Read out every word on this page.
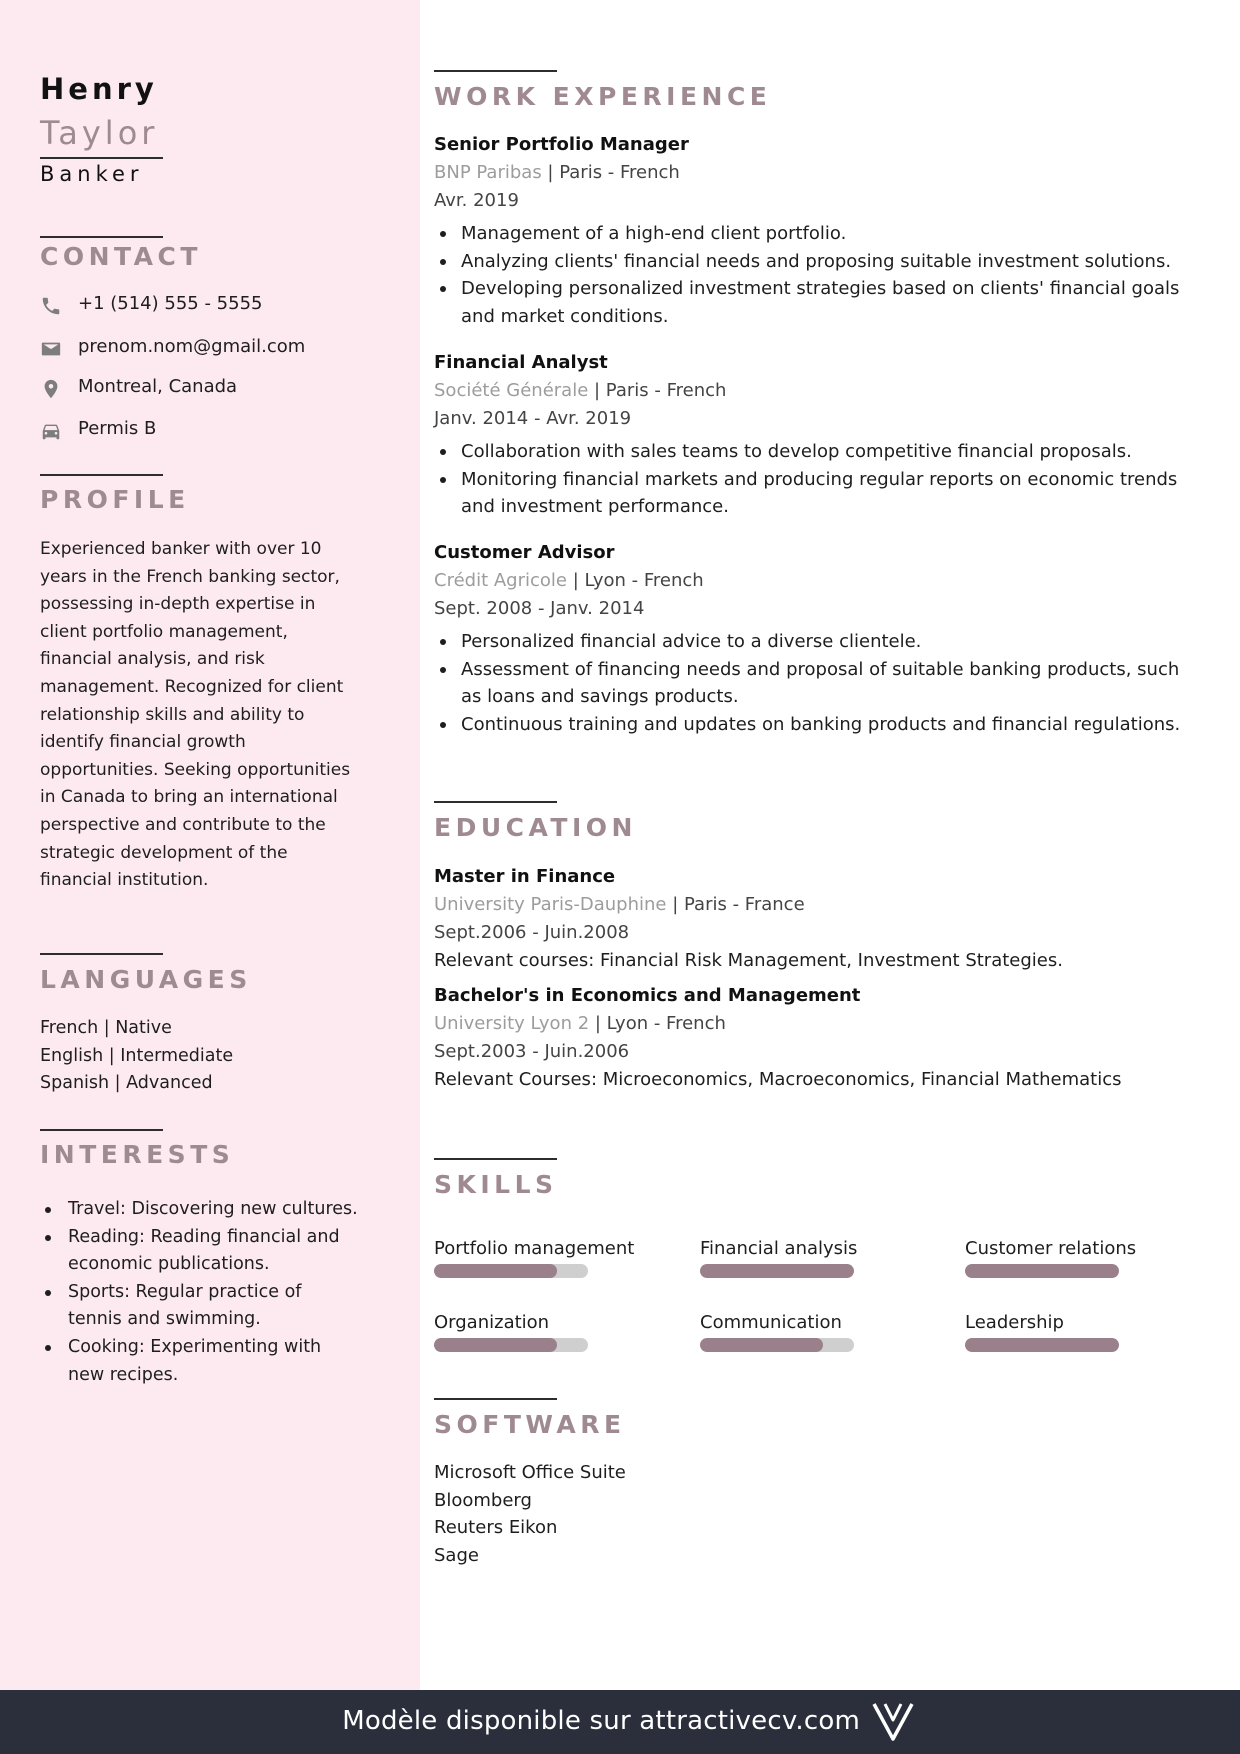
Henry
Taylor
Banker
CONTACT
+1 (514) 555 - 5555
prenom.nom@gmail.com
Montreal, Canada
Permis B
PROFILE
Experienced banker with over 10 years in the French banking sector, possessing in-depth expertise in client portfolio management, financial analysis, and risk management. Recognized for client relationship skills and ability to identify financial growth opportunities. Seeking opportunities in Canada to bring an international perspective and contribute to the strategic development of the financial institution.
LANGUAGES
French | Native
English | Intermediate
Spanish | Advanced
INTERESTS
Travel: Discovering new cultures.
Reading: Reading financial and economic publications.
Sports: Regular practice of tennis and swimming.
Cooking: Experimenting with new recipes.
WORK EXPERIENCE
Senior Portfolio Manager
BNP Paribas | Paris - French
Avr. 2019
Management of a high-end client portfolio.
Analyzing clients' financial needs and proposing suitable investment solutions.
Developing personalized investment strategies based on clients' financial goals and market conditions.
Financial Analyst
Société Générale | Paris - French
Janv. 2014 - Avr. 2019
Collaboration with sales teams to develop competitive financial proposals.
Monitoring financial markets and producing regular reports on economic trends and investment performance.
Customer Advisor
Crédit Agricole | Lyon - French
Sept. 2008 - Janv. 2014
Personalized financial advice to a diverse clientele.
Assessment of financing needs and proposal of suitable banking products, such as loans and savings products.
Continuous training and updates on banking products and financial regulations.
EDUCATION
Master in Finance
University Paris-Dauphine | Paris - France
Sept.2006 - Juin.2008
Relevant courses: Financial Risk Management, Investment Strategies.
Bachelor's in Economics and Management
University Lyon 2 | Lyon - French
Sept.2003 - Juin.2006
Relevant Courses: Microeconomics, Macroeconomics, Financial Mathematics
SKILLS
Portfolio management	Financial analysis	Customer relations
Organization	Communication	Leadership
SOFTWARE
Microsoft Office Suite
Bloomberg
Reuters Eikon
Sage
Modèle disponible sur attractivecv.com
